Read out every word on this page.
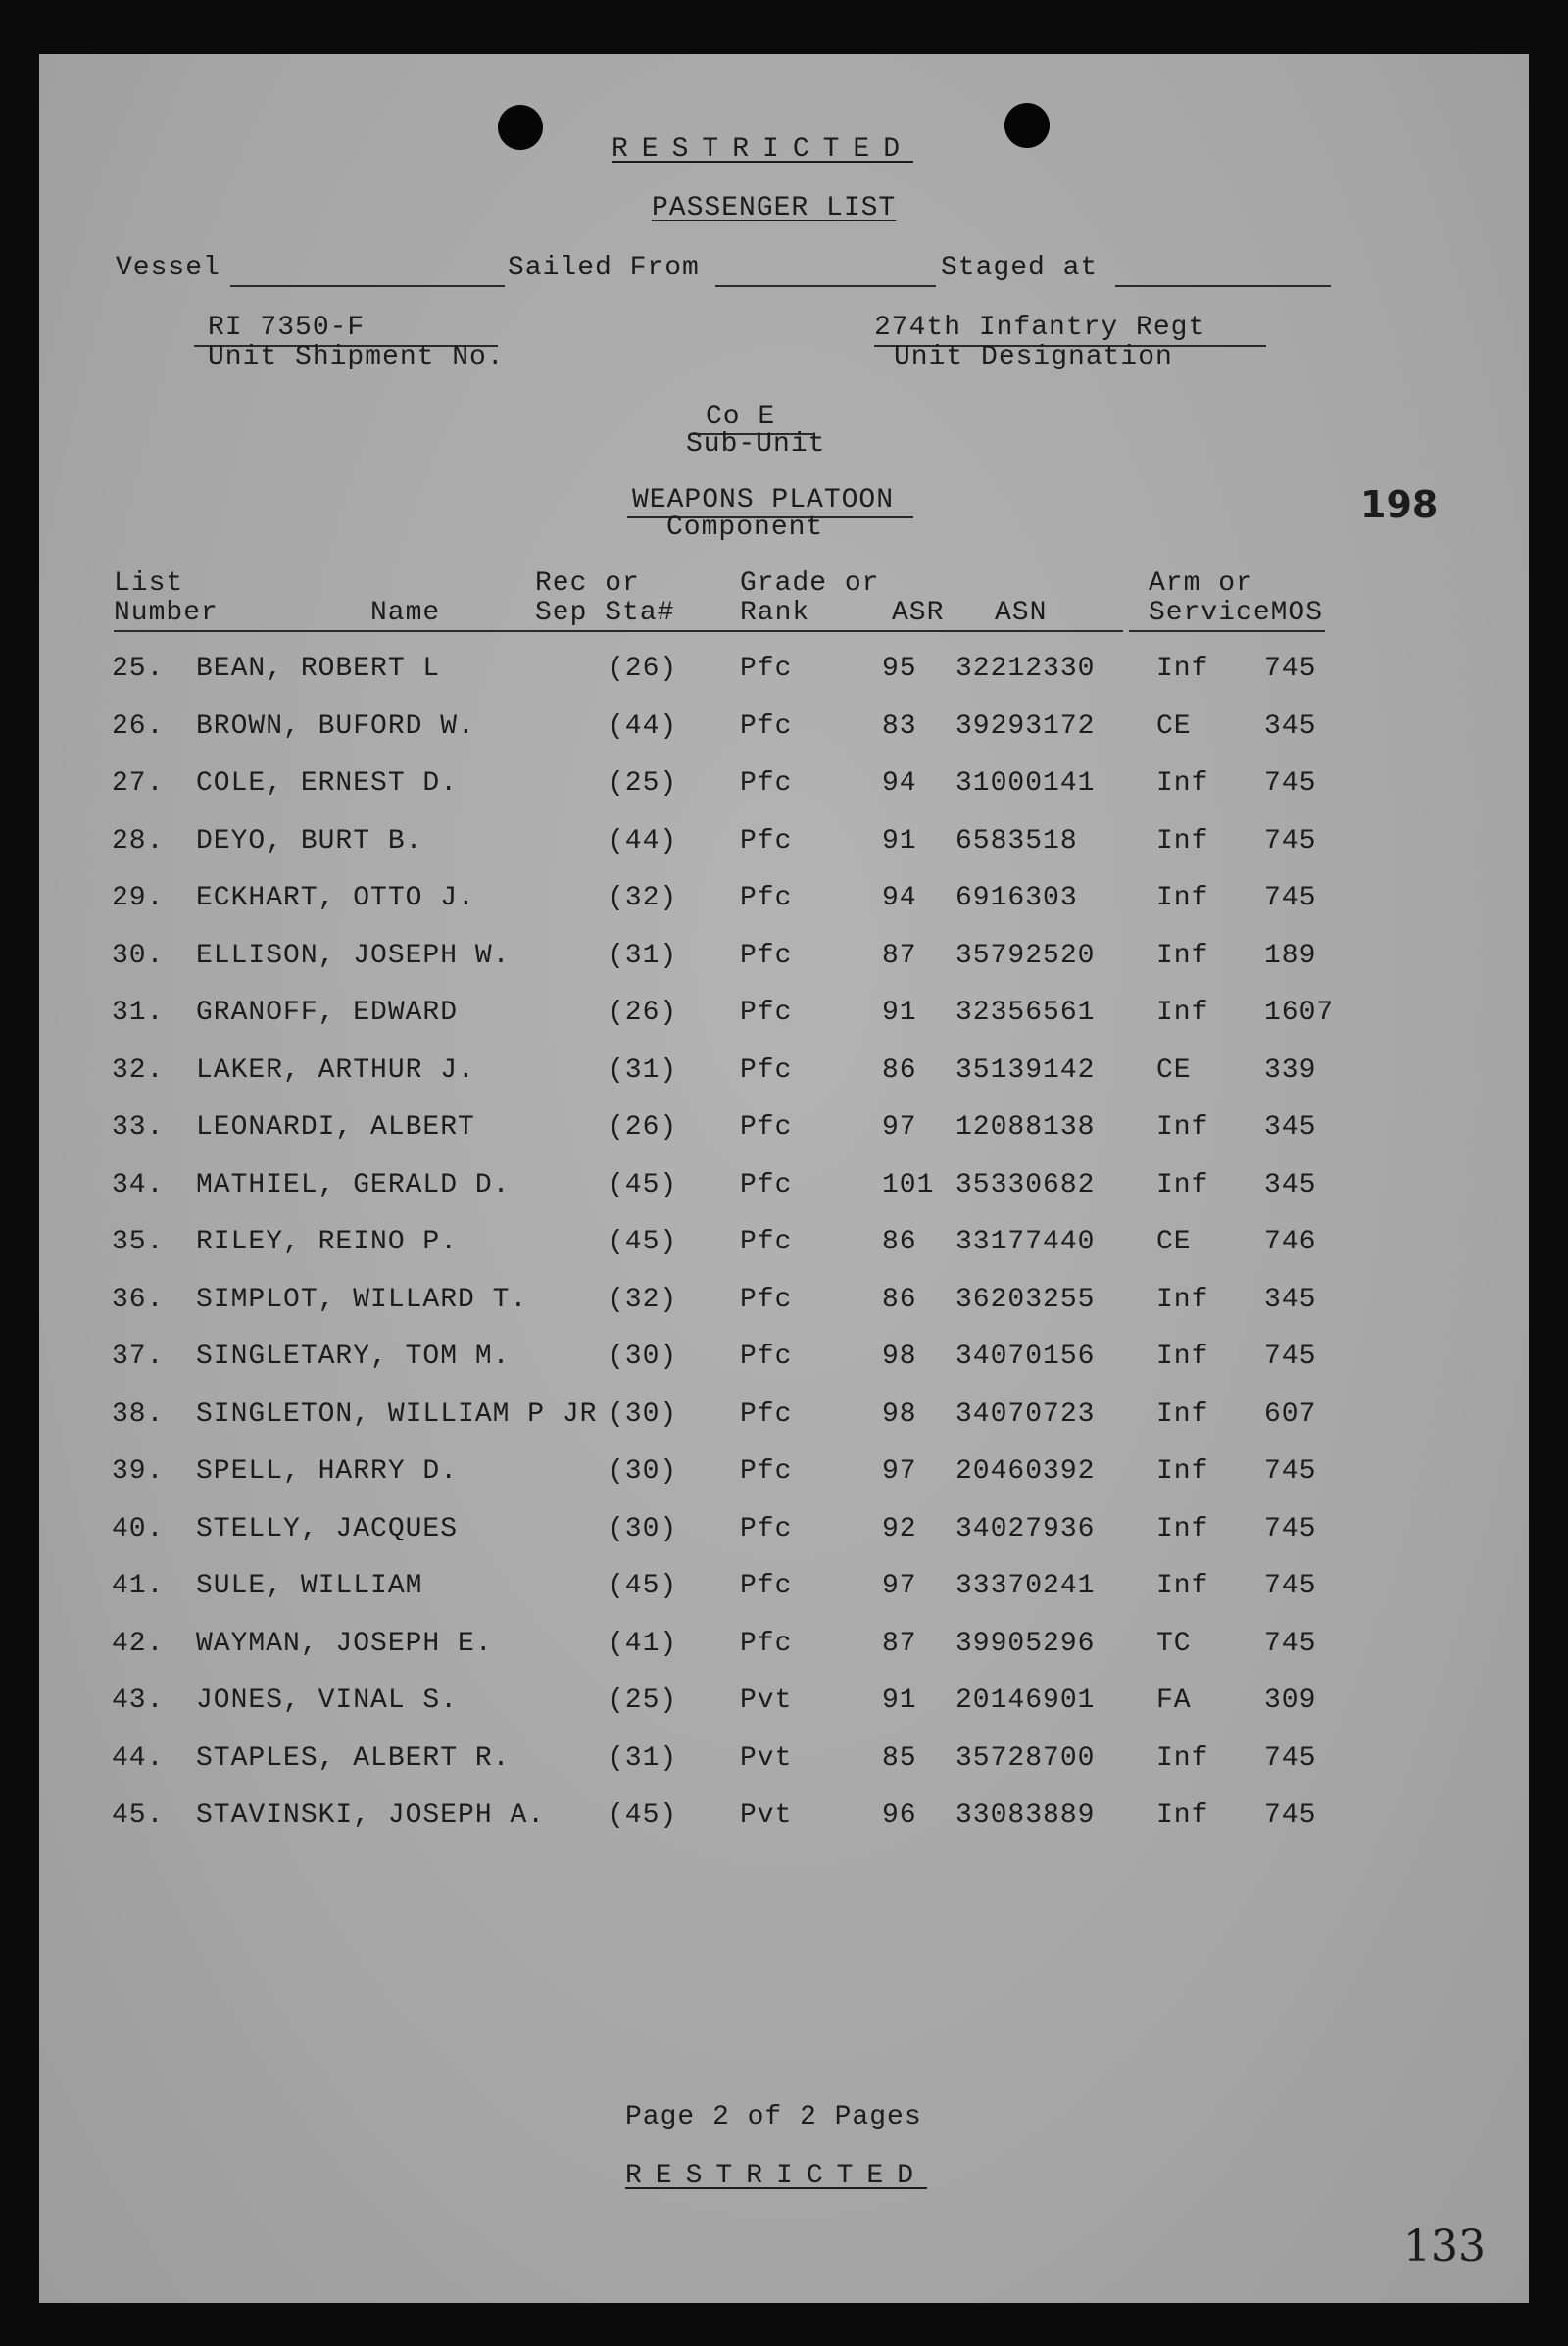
RESTRICTED
PASSENGER LIST
Vessel	Sailed From	Staged at
RI 7350-F
Unit Shipment No.
274th Infantry Regt
Unit Designation
Co E
Sub-Unit
WEAPONS PLATOON
Component
198
List
Number	Name
Rec or
Sep Sta#
Grade or
Rank	ASR ASN
Arm or
ServiceMOS
25. BEAN, ROBERT L	(26) Pfc	95 32212330 Inf 745
26. BROWN, BUFORD W.	(44) Pfc	83 39293172 CE	345
27. COLE, ERNEST D.	(25) Pfc	94 31000141 Inf 745
28. DEYO, BURT B.	(44) Pfc	91 6583518	Inf 745
29. ECKHART, OTTO J.	(32) Pfc	94 6916303	Inf 745
30. ELLISON, JOSEPH W.	(31) Pfc	87 35792520 Inf 189
31. GRANOFF, EDWARD	(26) Pfc	91 32356561 Inf 1607
32. LAKER, ARTHUR J.	(31) Pfc	86 35139142 CE	339
33. LEONARDI, ALBERT	(26) Pfc	97 12088138 Inf 345
34. MATHIEL, GERALD D.	(45) Pfc	101 35330682 Inf 345
35. RILEY, REINO P.	(45) Pfc	86 33177440 CE	746
36. SIMPLOT, WILLARD T.	(32) Pfc	86 36203255 Inf 345
37. SINGLETARY, TOM M.	(30) Pfc	98 34070156 Inf 745
38. SINGLETON, WILLIAM P JR (30) Pfc	98 34070723 Inf 607
39. SPELL, HARRY D.	(30) Pfc	97 20460392 Inf 745
40. STELLY, JACQUES	(30) Pfc	92 34027936 Inf 745
41. SULE, WILLIAM	(45) Pfc	97 33370241 Inf 745
42. WAYMAN, JOSEPH E.	(41) Pfc	87 39905296 TC	745
43. JONES, VINAL S.	(25) Pvt	91 20146901 FA	309
44. STAPLES, ALBERT R.	(31) Pvt	85 35728700 Inf 745
45. STAVINSKI, JOSEPH A. (45) Pvt	96 33083889 Inf 745
Page 2 of 2 Pages
RESTRICTED
133
